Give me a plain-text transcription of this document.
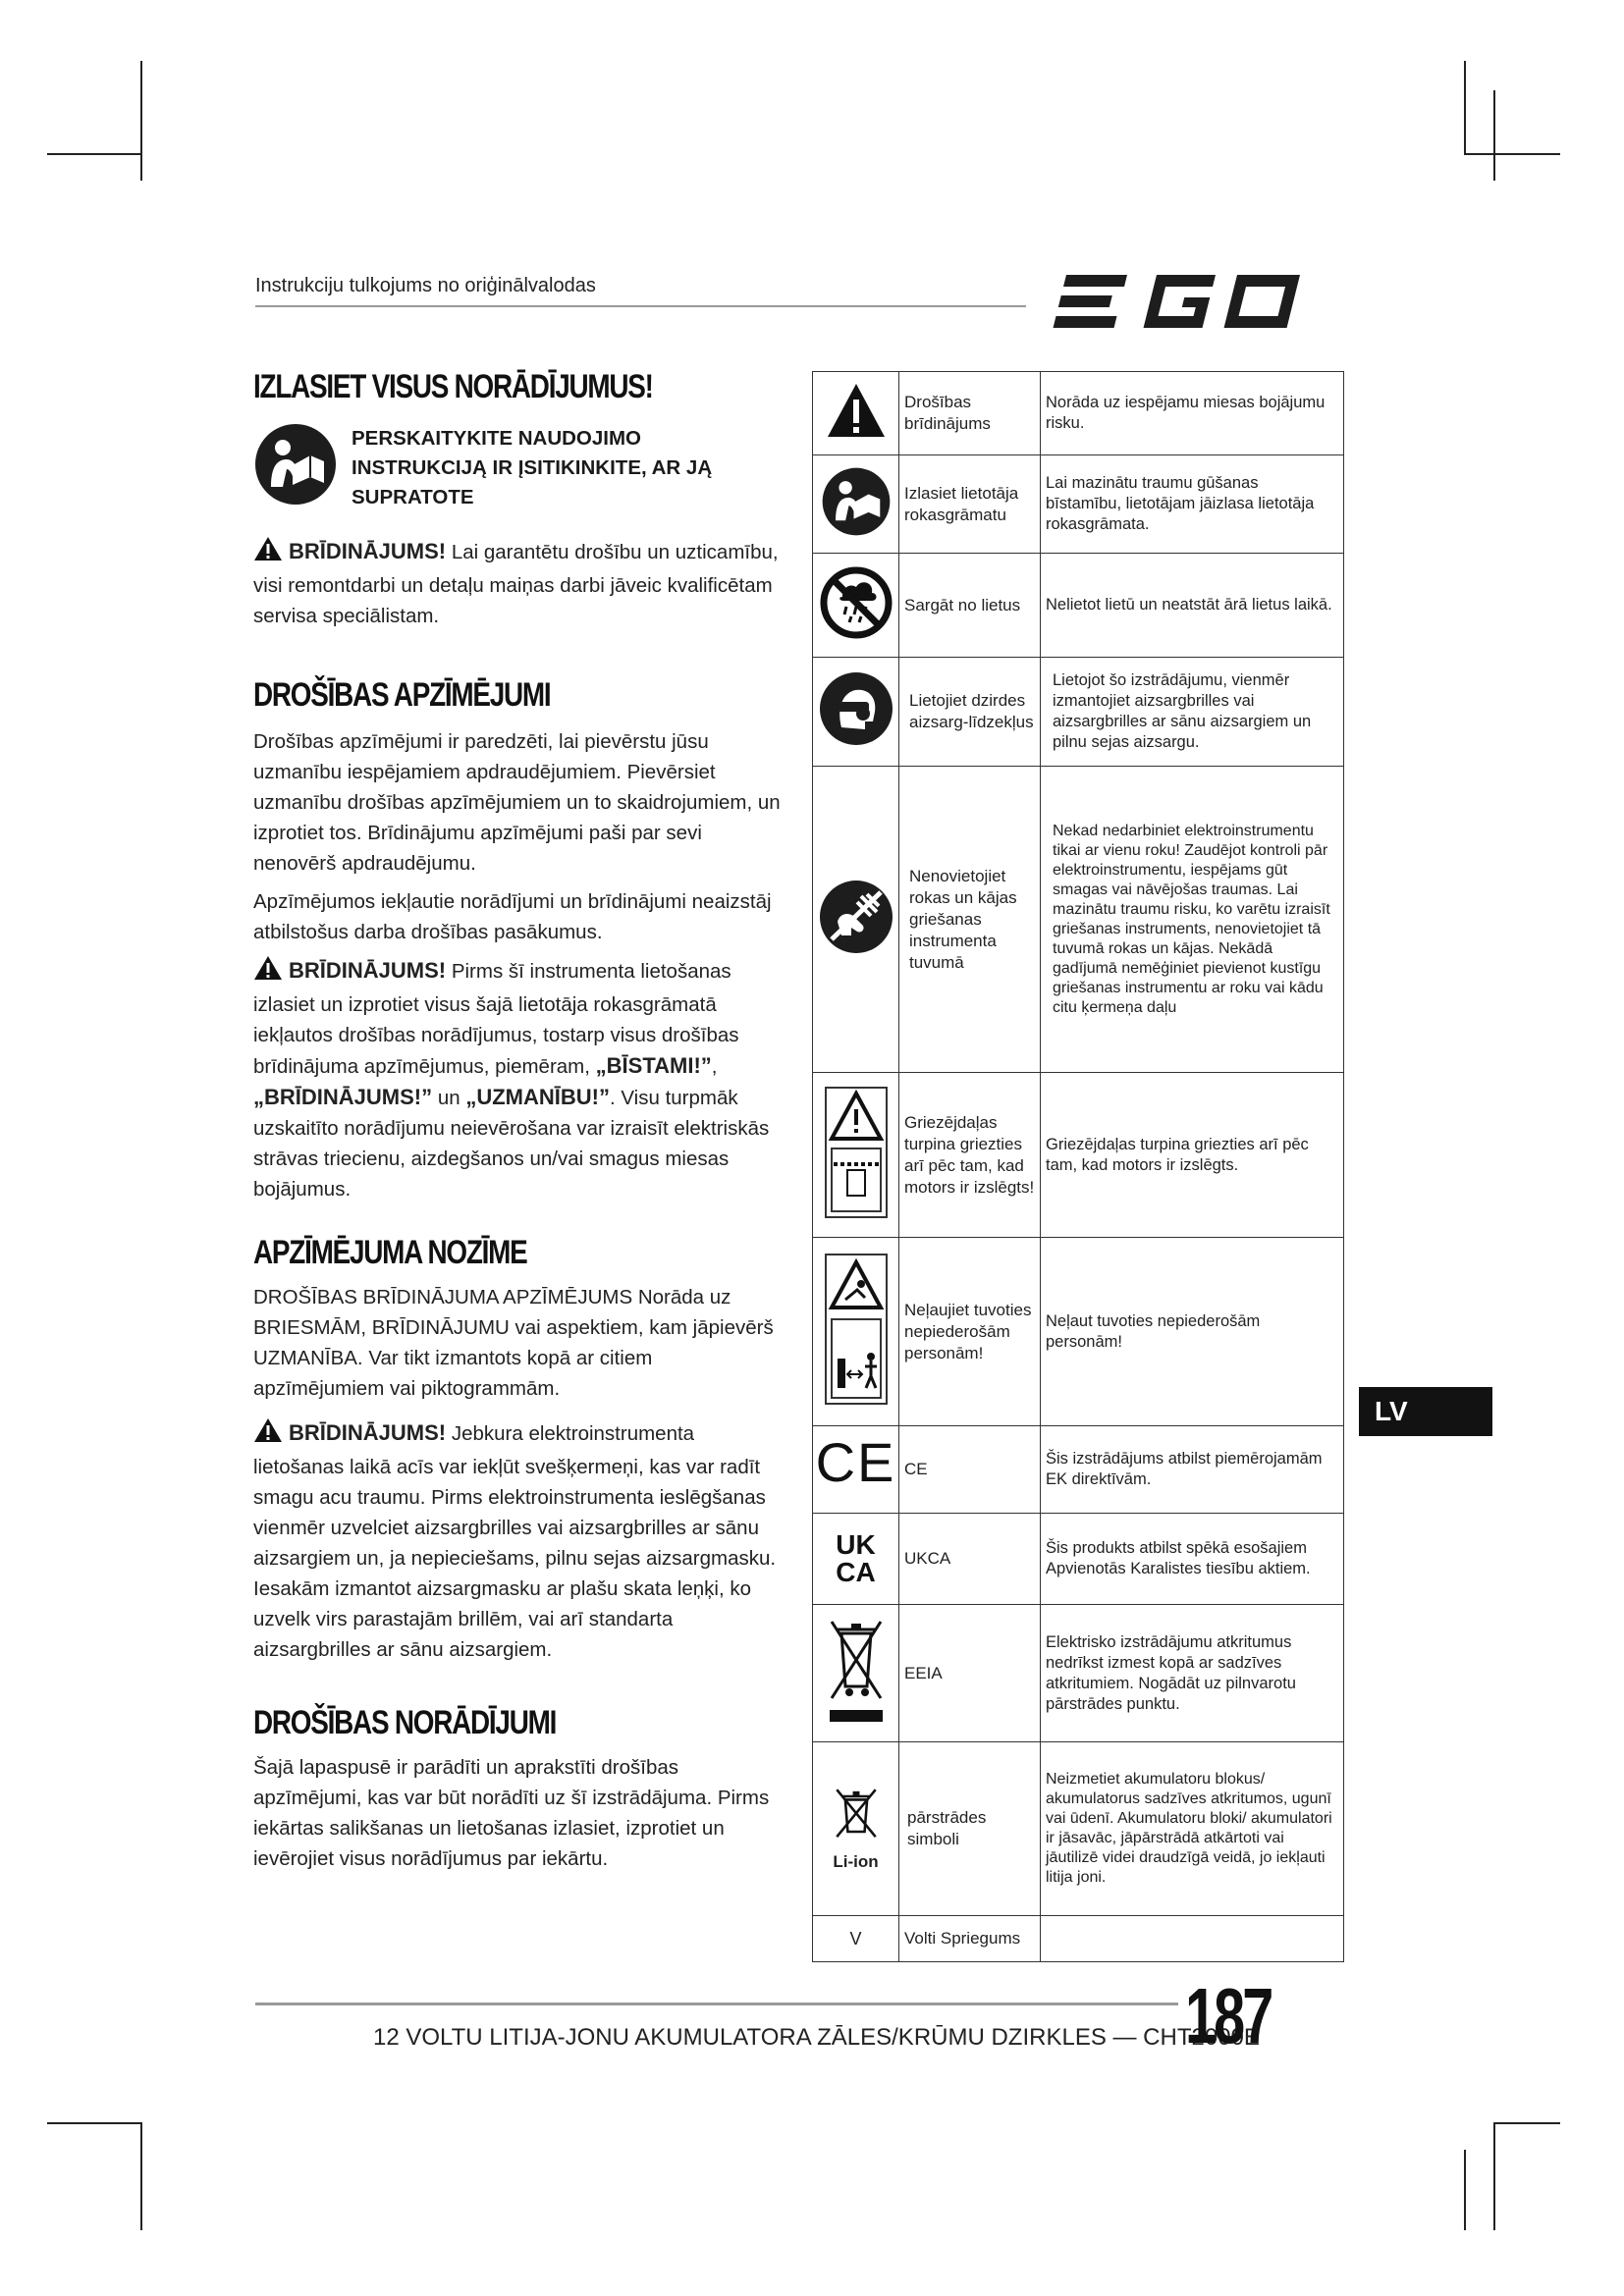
Instrukciju tulkojums no oriģinālvalodas
IZLASIET VISUS NORĀDĪJUMUS!
PERSKAITYKITE NAUDOJIMO INSTRUKCIJĄ IR ĮSITIKINKITE, AR JĄ SUPRATOTE

BRĪDINĀJUMS! Lai garantētu drošību un uzticamību, visi remontdarbi un detaļu maiņas darbi jāveic kvalificētam servisa speciālistam.

DROŠĪBAS APZĪMĒJUMI

Drošības apzīmējumi ir paredzēti, lai pievērstu jūsu uzmanību iespējamiem apdraudējumiem. Pievērsiet uzmanību drošības apzīmējumiem un to skaidrojumiem, un izprotiet tos. Brīdinājumu apzīmējumi paši par sevi nenovērš apdraudējumu.

Apzīmējumos iekļautie norādījumi un brīdinājumi neaizstāj atbilstošus darba drošības pasākumus.

BRĪDINĀJUMS! Pirms šī instrumenta lietošanas izlasiet un izprotiet visus šajā lietotāja rokasgrāmatā iekļautos drošības norādījumus, tostarp visus drošības brīdinājuma apzīmējumus, piemēram, „BĪSTAMI!”, „BRĪDINĀJUMS!” un „UZMANĪBU!”. Visu turpmāk uzskaitīto norādījumu neievērošana var izraisīt elektriskās strāvas triecienu, aizdegšanos un/vai smagus miesas bojājumus.

APZĪMĒJUMA NOZĪME

DROŠĪBAS BRĪDINĀJUMA APZĪMĒJUMS Norāda uz BRIESMĀM, BRĪDINĀJUMU vai aspektiem, kam jāpievērš UZMANĪBA. Var tikt izmantots kopā ar citiem apzīmējumiem vai piktogrammām.

BRĪDINĀJUMS! Jebkura elektroinstrumenta lietošanas laikā acīs var iekļūt svešķermeņi, kas var radīt smagu acu traumu. Pirms elektroinstrumenta ieslēgšanas vienmēr uzvelciet aizsargbrilles vai aizsargbrilles ar sānu aizsargiem un, ja nepieciešams, pilnu sejas aizsargmasku. Iesakām izmantot aizsargmasku ar plašu skata leņķi, ko uzvelk virs parastajām brillēm, vai arī standarta aizsargbrilles ar sānu aizsargiem.

DROŠĪBAS NORĀDĪJUMI

Šajā lapaspusē ir parādīti un aprakstīti drošības apzīmējumi, kas var būt norādīti uz šī izstrādājuma. Pirms iekārtas salikšanas un lietošanas izlasiet, izprotiet un ievērojiet visus norādījumus par iekārtu.

	Drošības brīdinājums	Norāda uz iespējamu miesas bojājumu risku.
	Izlasiet lietotāja rokasgrāmatu	Lai mazinātu traumu gūšanas bīstamību, lietotājam jāizlasa lietotāja rokasgrāmata.
	Sargāt no lietus	Nelietot lietū un neatstāt ārā lietus laikā.
	Lietojiet dzirdes aizsarg-līdzekļus	Lietojot šo izstrādājumu, vienmēr izmantojiet aizsargbrilles vai aizsargbrilles ar sānu aizsargiem un pilnu sejas aizsargu.
	Nenovietojiet rokas un kājas griešanas instrumenta tuvumā	Nekad nedarbiniet elektroinstrumentu tikai ar vienu roku! Zaudējot kontroli pār elektroinstrumentu, iespējams gūt smagas vai nāvējošas traumas. Lai mazinātu traumu risku, ko varētu izraisīt griešanas instruments, nenovietojiet tā tuvumā rokas un kājas. Nekādā gadījumā nemēģiniet pievienot kustīgu griešanas instrumentu ar roku vai kādu citu ķermeņa daļu
	Griezējdaļas turpina griezties arī pēc tam, kad motors ir izslēgts!	Griezējdaļas turpina griezties arī pēc tam, kad motors ir izslēgts.
	Neļaujiet tuvoties nepiederošām personām!	Neļaut tuvoties nepiederošām personām!
CE	CE	Šis izstrādājums atbilst piemērojamām EK direktīvām.
UK CA	UKCA	Šis produkts atbilst spēkā esošajiem Apvienotās Karalistes tiesību aktiem.
	EEIA	Elektrisko izstrādājumu atkritumus nedrīkst izmest kopā ar sadzīves atkritumiem. Nogādāt uz pilnvarotu pārstrādes punktu.

Li-ion	pārstrādes simboli	Neizmetiet akumulatoru blokus/ akumulatorus sadzīves atkritumos, ugunī vai ūdenī. Akumulatoru bloki/ akumulatori ir jāsavāc, jāpārstrādā atkārtoti vai jāutilizē videi draudzīgā veidā, jo iekļauti litija joni.
V	Volti Spriegums	
LV
12 VOLTU LITIJA-JONU AKUMULATORA ZĀLES/KRŪMU DZIRKLES — CHT2000E
187
